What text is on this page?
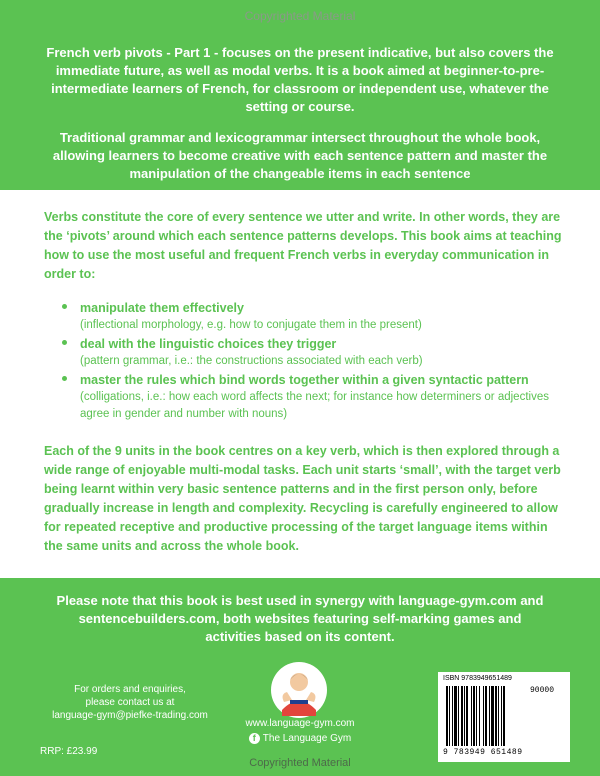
Copyrighted Material

French verb pivots - Part 1 - focuses on the present indicative, but also covers the immediate future, as well as modal verbs. It is a book aimed at beginner-to-pre-intermediate learners of French, for classroom or independent use, whatever the setting or course.

Traditional grammar and lexicogrammar intersect throughout the whole book, allowing learners to become creative with each sentence pattern and master the manipulation of the changeable items in each sentence

Verbs constitute the core of every sentence we utter and write. In other words, they are the ‘pivots’ around which each sentence patterns develops. This book aims at teaching how to use the most useful and frequent French verbs in everyday communication in order to:

manipulate them effectively
(inflectional morphology, e.g. how to conjugate them in the present)
deal with the linguistic choices they trigger
(pattern grammar, i.e.: the constructions associated with each verb)
master the rules which bind words together within a given syntactic pattern
(colligations, i.e.: how each word affects the next; for instance how determiners or adjectives agree in gender and number with nouns)

Each of the 9 units in the book centres on a key verb, which is then explored through a wide range of enjoyable multi-modal tasks. Each unit starts ‘small’, with the target verb being learnt within very basic sentence patterns and in the first person only, before gradually increase in length and complexity. Recycling is carefully engineered to allow for repeated receptive and productive processing of the target language items within the same units and across the whole book.

Please note that this book is best used in synergy with language-gym.com and sentencebuilders.com, both websites featuring self-marking games and activities based on its content.

For orders and enquiries,
please contact us at
language-gym@piefke-trading.com
RRP: £23.99
www.language-gym.com
f The Language Gym
Copyrighted Material
ISBN 9783949651489
90000
9 783949 651489
